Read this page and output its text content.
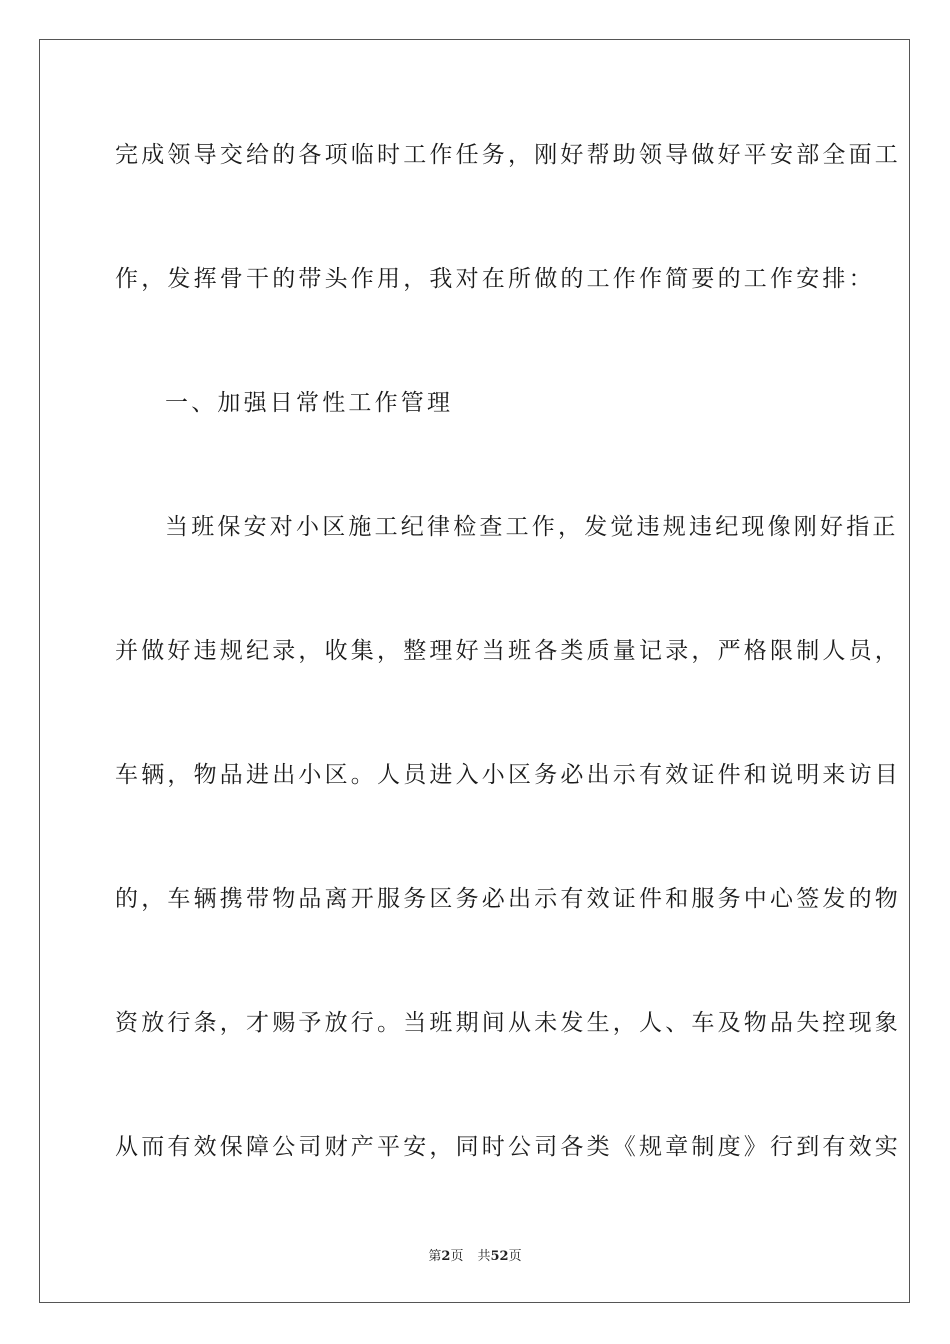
完成领导交给的各项临时工作任务，刚好帮助领导做好平安部全面工
作，发挥骨干的带头作用，我对在所做的工作作简要的工作安排：
一、加强日常性工作管理
当班保安对小区施工纪律检查工作，发觉违规违纪现像刚好指正
并做好违规纪录，收集，整理好当班各类质量记录，严格限制人员，
车辆，物品进出小区。人员进入小区务必出示有效证件和说明来访目
的，车辆携带物品离开服务区务必出示有效证件和服务中心签发的物
资放行条，才赐予放行。当班期间从未发生，人、车及物品失控现象
从而有效保障公司财产平安，同时公司各类《规章制度》行到有效实
第2页 共52页
